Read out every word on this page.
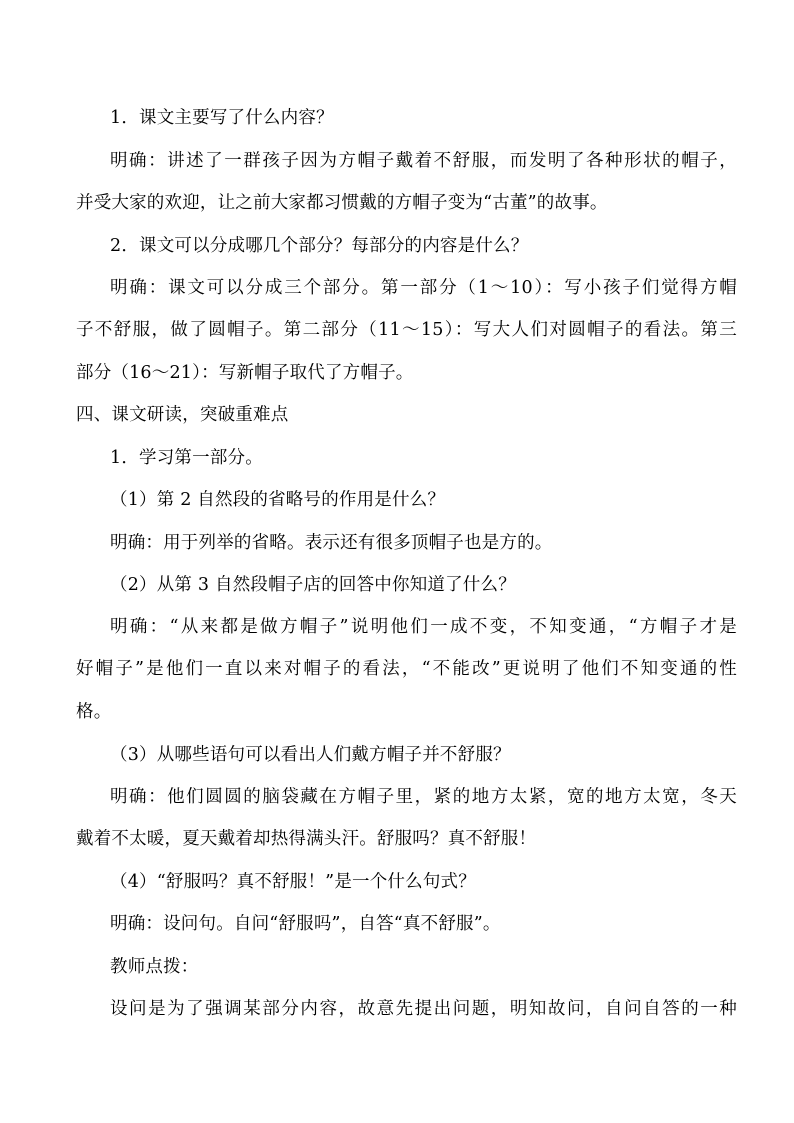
1．课文主要写了什么内容？
明确：讲述了一群孩子因为方帽子戴着不舒服，而发明了各种形状的帽子，
并受大家的欢迎，让之前大家都习惯戴的方帽子变为“古董”的故事。
2．课文可以分成哪几个部分？每部分的内容是什么？
明确：课文可以分成三个部分。第一部分（1～10）：写小孩子们觉得方帽
子不舒服，做了圆帽子。第二部分（11～15）：写大人们对圆帽子的看法。第三
部分（16～21）：写新帽子取代了方帽子。
四、课文研读，突破重难点
1．学习第一部分。
（1）第 2 自然段的省略号的作用是什么？
明确：用于列举的省略。表示还有很多顶帽子也是方的。
（2）从第 3 自然段帽子店的回答中你知道了什么？
明确：“从来都是做方帽子”说明他们一成不变，不知变通，“方帽子才是
好帽子”是他们一直以来对帽子的看法，“不能改”更说明了他们不知变通的性
格。
（3）从哪些语句可以看出人们戴方帽子并不舒服？
明确：他们圆圆的脑袋藏在方帽子里，紧的地方太紧，宽的地方太宽，冬天
戴着不太暖，夏天戴着却热得满头汗。舒服吗？真不舒服！
（4）“舒服吗？真不舒服！”是一个什么句式？
明确：设问句。自问“舒服吗”，自答“真不舒服”。
教师点拨：
设问是为了强调某部分内容，故意先提出问题，明知故问，自问自答的一种
